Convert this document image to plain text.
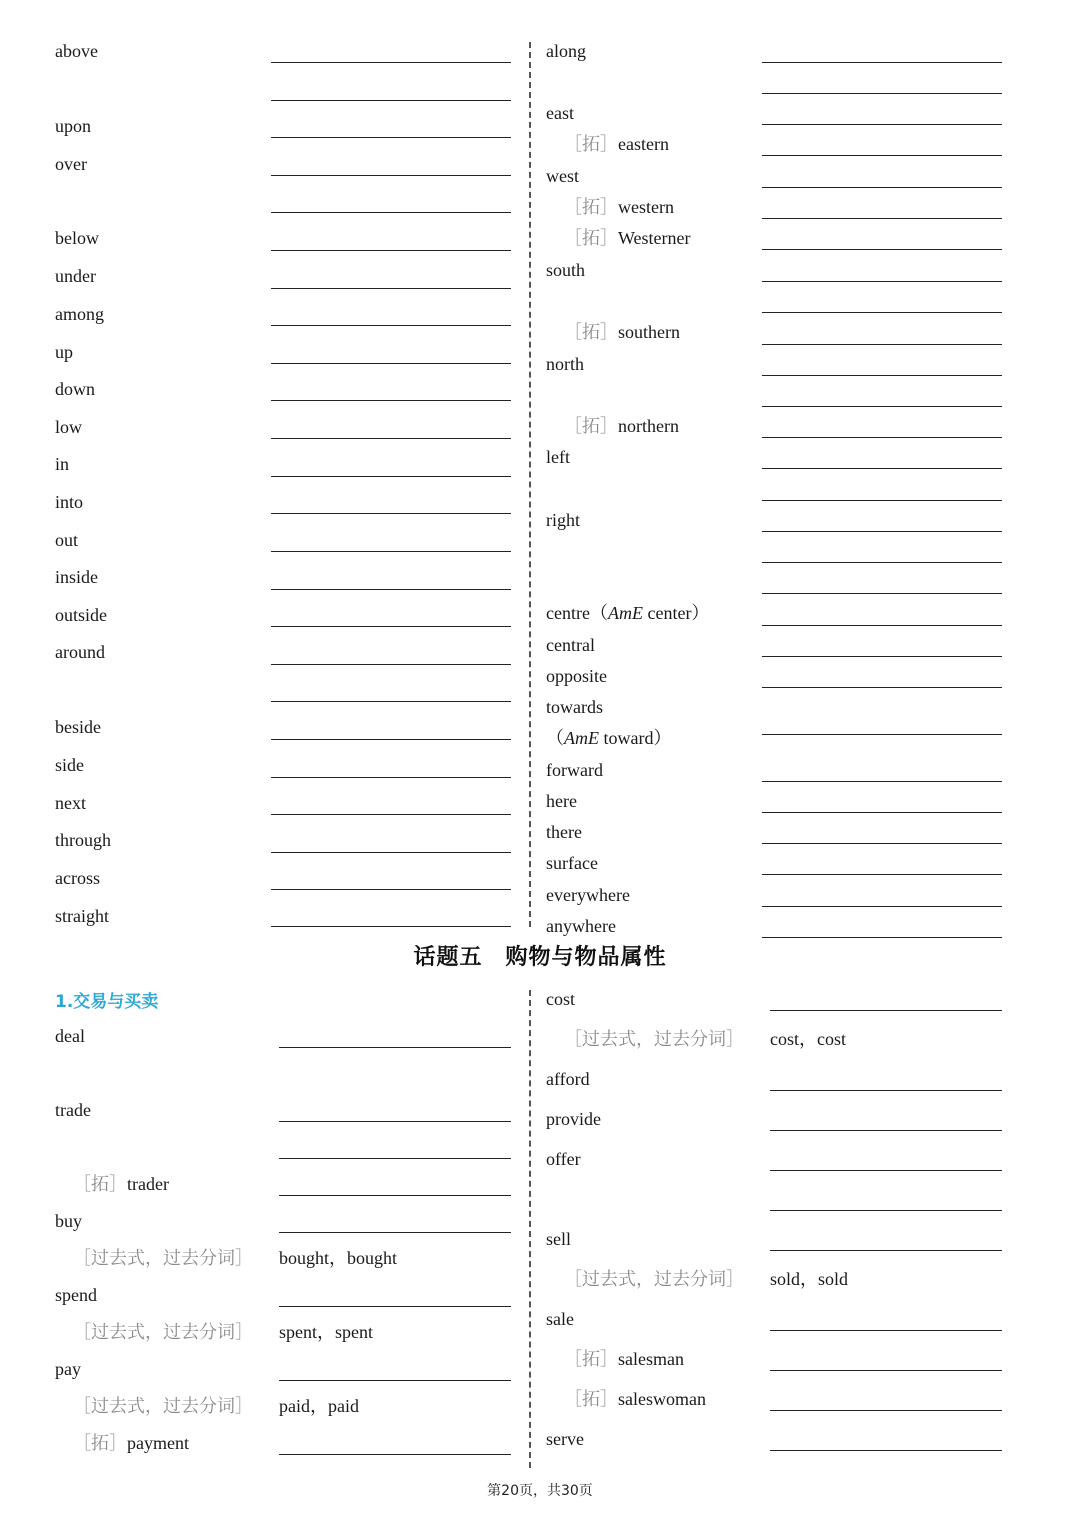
above
upon
over
below
under
among
up
down
low
in
into
out
inside
outside
around
beside
side
next
through
across
straight
along
east
［拓］eastern
west
［拓］western
［拓］Westerner
south
［拓］southern
north
［拓］northern
left
right
centre（AmE center）
central
opposite
towards
（AmE toward）
forward
here
there
surface
everywhere
anywhere
话题五　购物与物品属性
1.交易与买卖
deal
trade
［拓］trader
buy
［过去式，过去分词］ bought，bought
spend
［过去式，过去分词］ spent，spent
pay
［过去式，过去分词］ paid，paid
［拓］payment
cost
［过去式，过去分词］ cost，cost
afford
provide
offer
sell
［过去式，过去分词］ sold，sold
sale
［拓］salesman
［拓］saleswoman
serve
第20页，共30页
